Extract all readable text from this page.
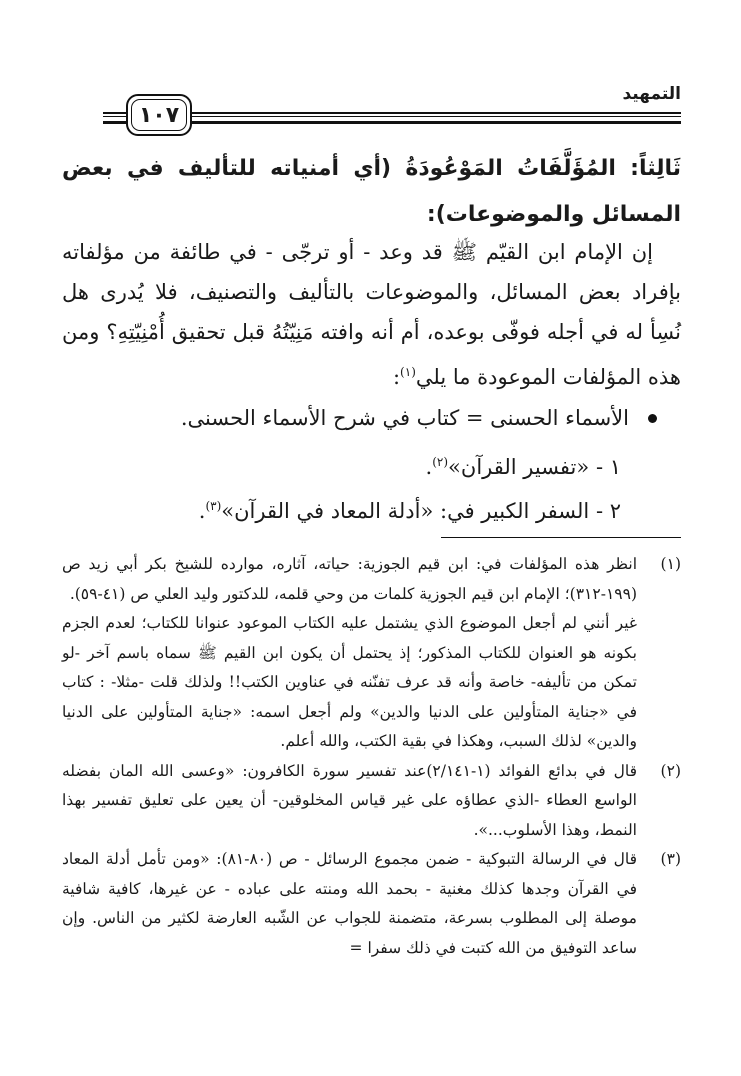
التمهيد
١٠٧
ثَالِثاً: المُؤَلَّفَاتُ المَوْعُودَةُ (أي أمنياته للتأليف في بعض المسائل والموضوعات):

إن الإمام ابن القيّم ﷺ قد وعد - أو ترجّى - في طائفة من مؤلفاته بإفراد بعض المسائل، والموضوعات بالتأليف والتصنيف، فلا يُدرى هل نُسِأ له في أجله فوفّى بوعده، أم أنه وافته مَنِيّتُهُ قبل تحقيق أُمْنِيّتِهِ؟ ومن هذه المؤلفات الموعودة ما يلي$^{(١)}$:

الأسماء الحسنى = كتاب في شرح الأسماء الحسنى.
١ - «تفسير القرآن»$^{(٢)}$.
٢ - السفر الكبير في: «أدلة المعاد في القرآن»$^{(٣)}$.
(١)

انظر هذه المؤلفات في: ابن قيم الجوزية: حياته، آثاره، موارده للشيخ بكر أبي زيد ص (١٩٩-٣١٢)؛ الإمام ابن قيم الجوزية كلمات من وحي قلمه، للدكتور وليد العلي ص (٤١-٥٩).

غير أنني لم أجعل الموضوع الذي يشتمل عليه الكتاب الموعود عنوانا للكتاب؛ لعدم الجزم بكونه هو العنوان للكتاب المذكور؛ إذ يحتمل أن يكون ابن القيم ﷺ سماه باسم آخر -لو تمكن من تأليفه- خاصة وأنه قد عرف تفنّنه في عناوين الكتب!! ولذلك قلت -مثلا- : كتاب في «جناية المتأولين على الدنيا والدين» ولم أجعل اسمه: «جناية المتأولين على الدنيا والدين» لذلك السبب، وهكذا في بقية الكتب، والله أعلم.

(٢)

قال في بدائع الفوائد (١-٢/١٤١)عند تفسير سورة الكافرون: «وعسى الله المان بفضله الواسع العطاء -الذي عطاؤه على غير قياس المخلوقين- أن يعين على تعليق تفسير بهذا النمط، وهذا الأسلوب...».

(٣)

قال في الرسالة التبوكية - ضمن مجموع الرسائل - ص (٨٠-٨١): «ومن تأمل أدلة المعاد في القرآن وجدها كذلك مغنية - بحمد الله ومنته على عباده - عن غيرها، كافية شافية موصلة إلى المطلوب بسرعة، متضمنة للجواب عن الشّبه العارضة لكثير من الناس. وإن ساعد التوفيق من الله كتبت في ذلك سفرا =
